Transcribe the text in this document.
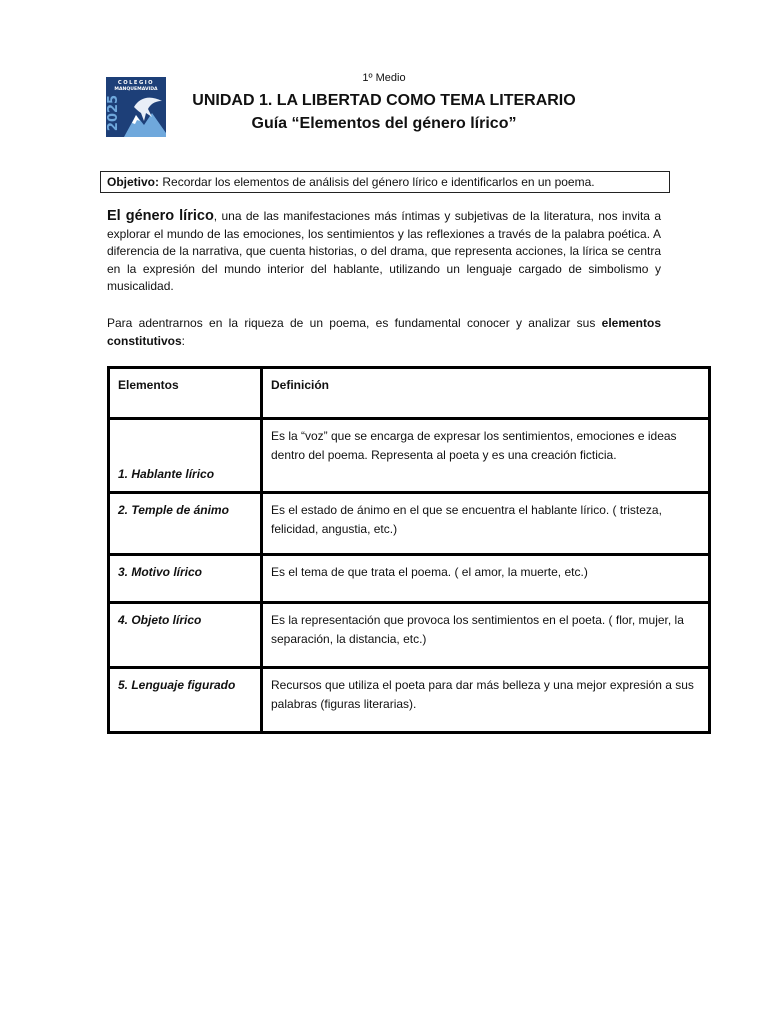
COLEGIO
MANQUEMAVIDA
2025
1º Medio
UNIDAD 1. LA LIBERTAD COMO TEMA LITERARIO
Guía “Elementos del género lírico”
Objetivo: Recordar los elementos de análisis del género lírico e identificarlos en un poema.
El género lírico, una de las manifestaciones más íntimas y subjetivas de la literatura, nos invita a explorar el mundo de las emociones, los sentimientos y las reflexiones a través de la palabra poética. A diferencia de la narrativa, que cuenta historias, o del drama, que representa acciones, la lírica se centra en la expresión del mundo interior del hablante, utilizando un lenguaje cargado de simbolismo y musicalidad.
Para adentrarnos en la riqueza de un poema, es fundamental conocer y analizar sus elementos constitutivos:
Elementos	Definición
1. Hablante lírico	Es la “voz” que se encarga de expresar los sentimientos, emociones e ideas dentro del poema. Representa al poeta y es una creación ficticia.
2. Temple de ánimo	Es el estado de ánimo en el que se encuentra el hablante lírico. ( tristeza, felicidad, angustia, etc.)
3. Motivo lírico	Es el tema de que trata el poema. ( el amor, la muerte, etc.)
4. Objeto lírico	Es la representación que provoca los sentimientos en el poeta. ( flor, mujer, la separación, la distancia, etc.)
5. Lenguaje figurado	Recursos que utiliza el poeta para dar más belleza y una mejor expresión a sus palabras (figuras literarias).
